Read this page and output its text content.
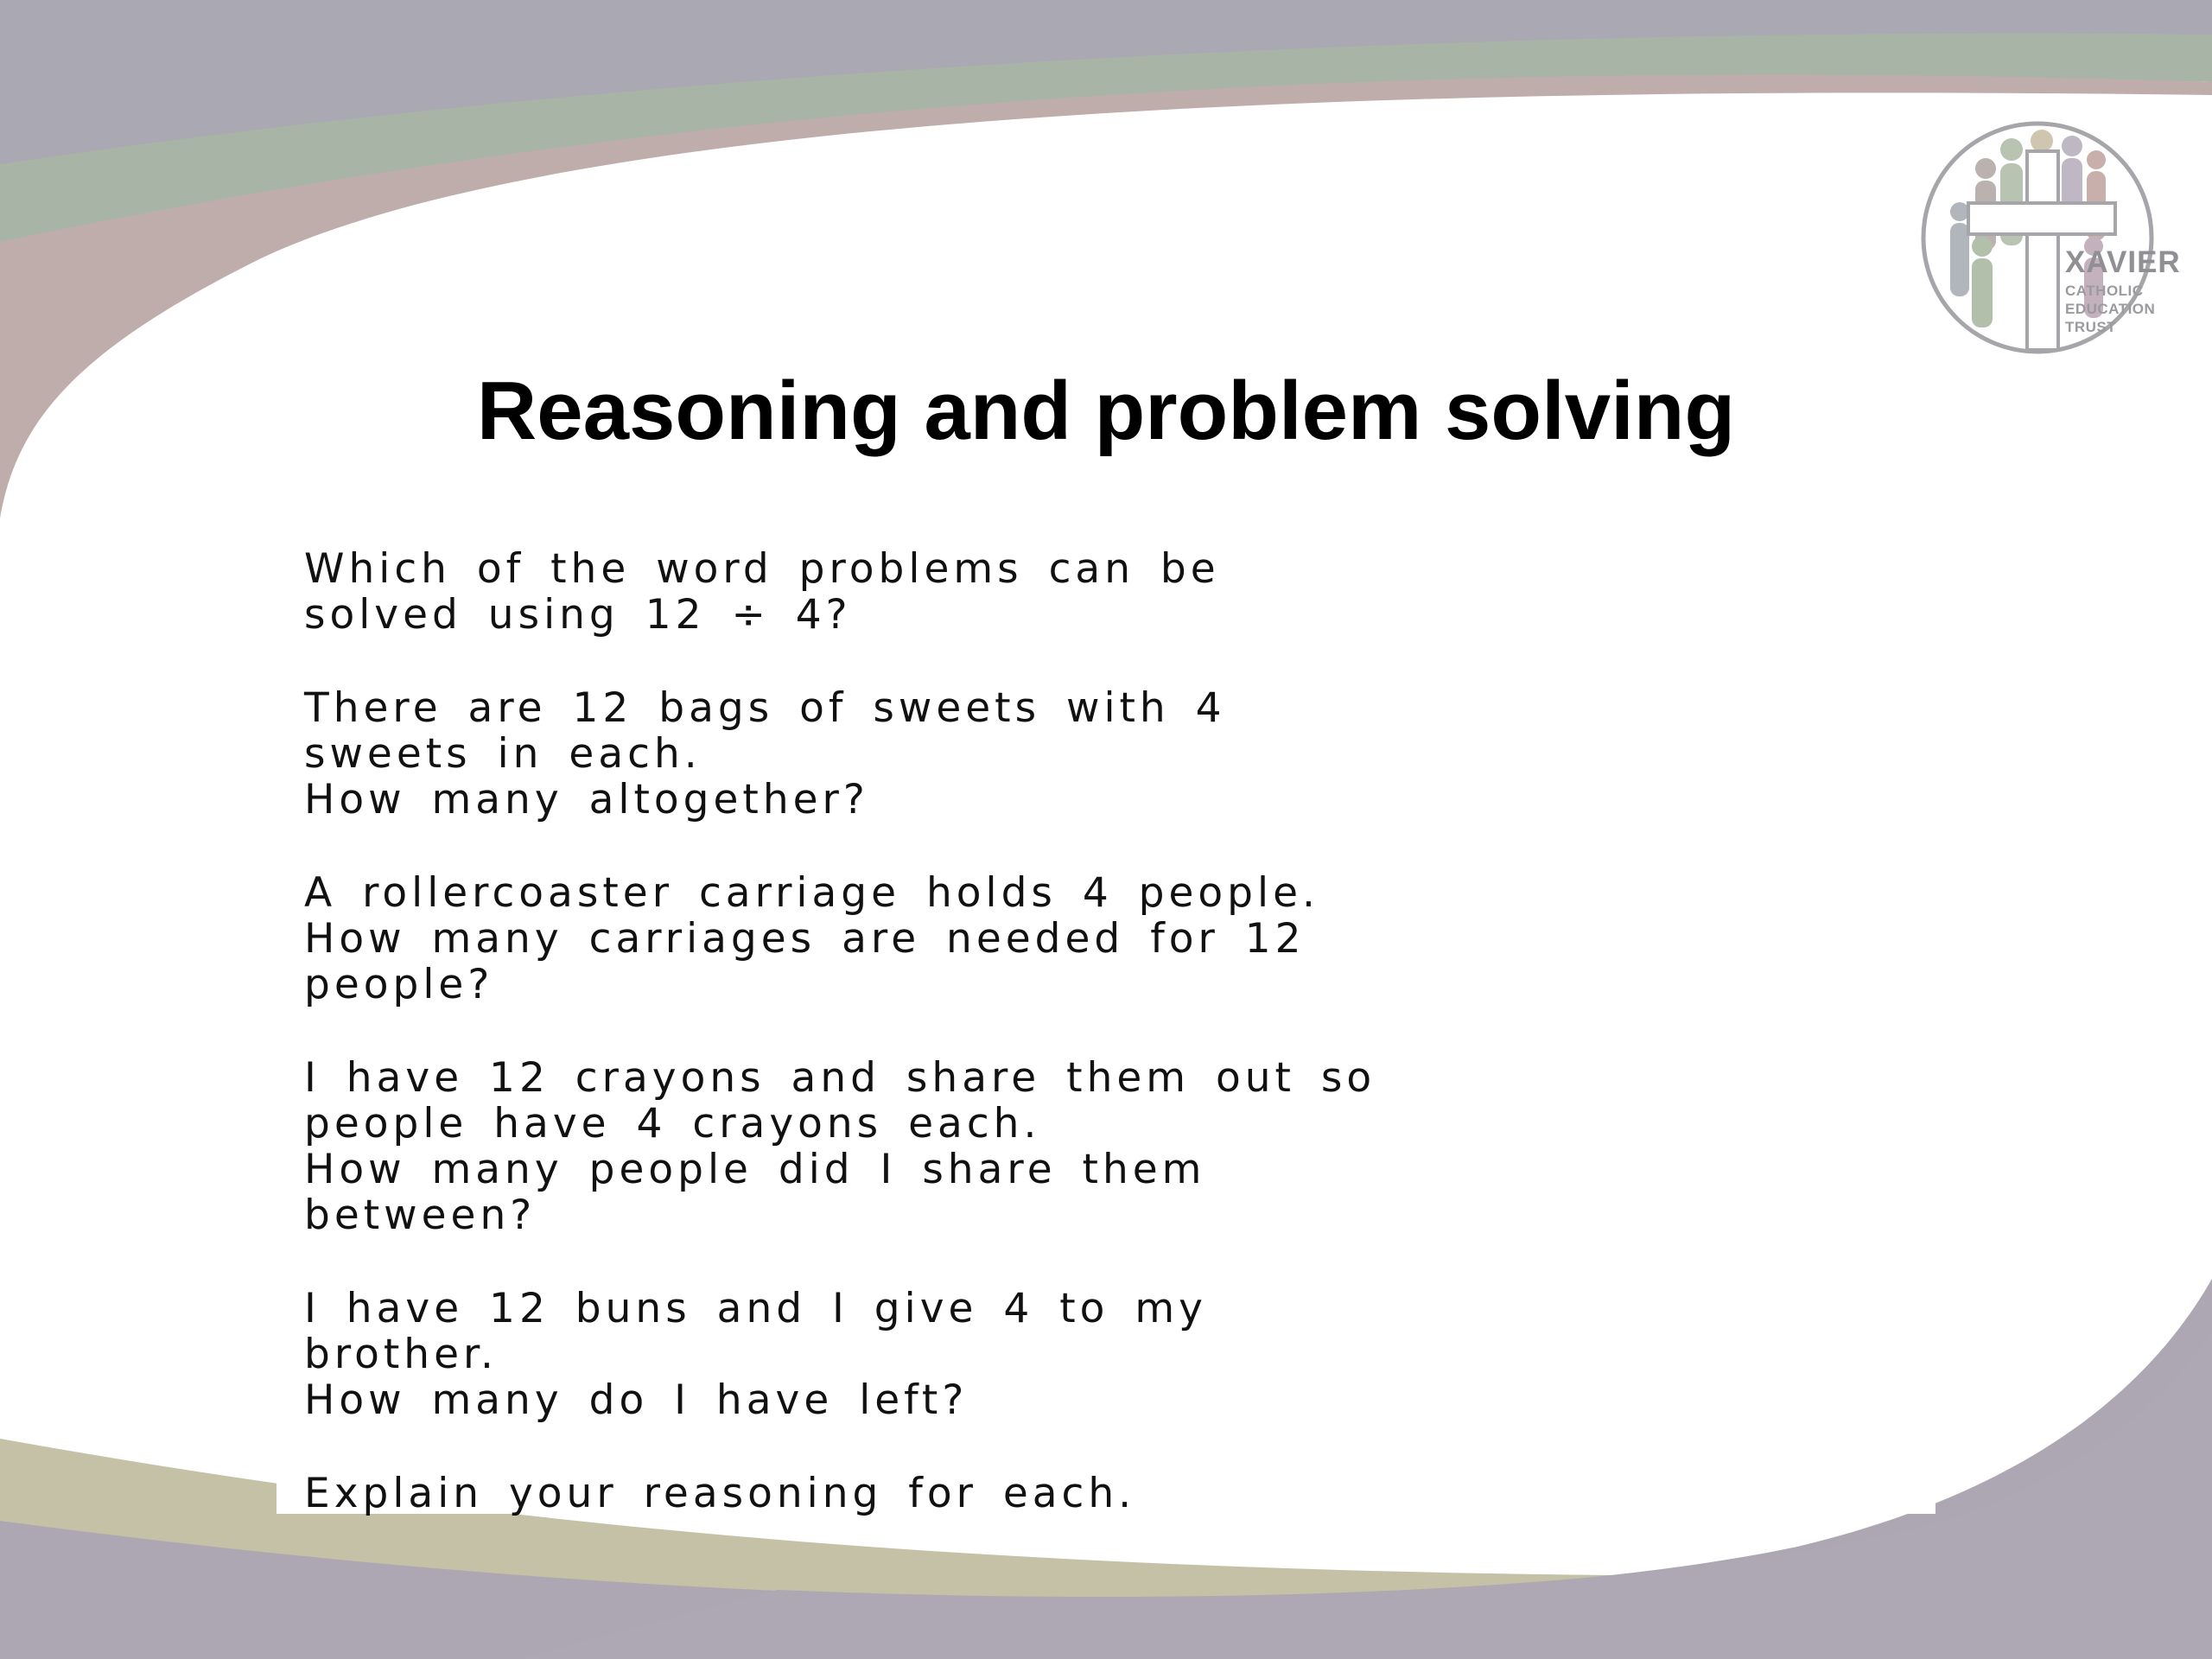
XAVIER
CATHOLIC
EDUCATION
TRUST
Reasoning and problem solving

Which of the word problems can be
solved using 12 ÷ 4?

There are 12 bags of sweets with 4
sweets in each.
How many altogether?

A rollercoaster carriage holds 4 people.
How many carriages are needed for 12
people?

I have 12 crayons and share them out so
people have 4 crayons each.
How many people did I share them
between?

I have 12 buns and I give 4 to my
brother.
How many do I have left?

Explain your reasoning for each.
